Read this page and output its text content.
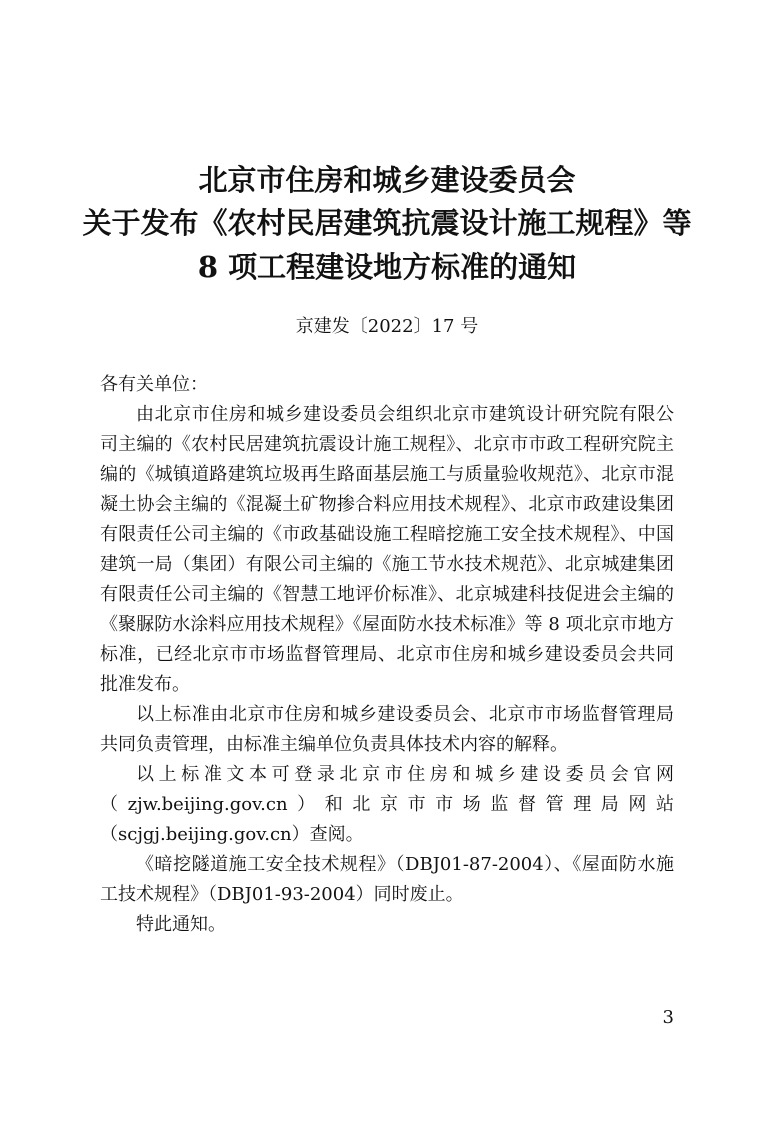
北京市住房和城乡建设委员会
关于发布《农村民居建筑抗震设计施工规程》等
8 项工程建设地方标准的通知
京建发〔2022〕17 号
各有关单位：

由北京市住房和城乡建设委员会组织北京市建筑设计研究院有限公司主编的《农村民居建筑抗震设计施工规程》、北京市市政工程研究院主编的《城镇道路建筑垃圾再生路面基层施工与质量验收规范》、北京市混凝土协会主编的《混凝土矿物掺合料应用技术规程》、北京市政建设集团有限责任公司主编的《市政基础设施工程暗挖施工安全技术规程》、中国建筑一局（集团）有限公司主编的《施工节水技术规范》、北京城建集团有限责任公司主编的《智慧工地评价标准》、北京城建科技促进会主编的《聚脲防水涂料应用技术规程》《屋面防水技术标准》等 8 项北京市地方标准，已经北京市市场监督管理局、北京市住房和城乡建设委员会共同批准发布。

以上标准由北京市住房和城乡建设委员会、北京市市场监督管理局共同负责管理，由标准主编单位负责具体技术内容的解释。

以上标准文本可登录北京市住房和城乡建设委员会官网（zjw.beijing.gov.cn）和北京市市场监督管理局网站（scjgj.beijing.gov.cn）查阅。

《暗挖隧道施工安全技术规程》（DBJ01-87-2004）、《屋面防水施工技术规程》（DBJ01-93-2004）同时废止。

特此通知。

3
